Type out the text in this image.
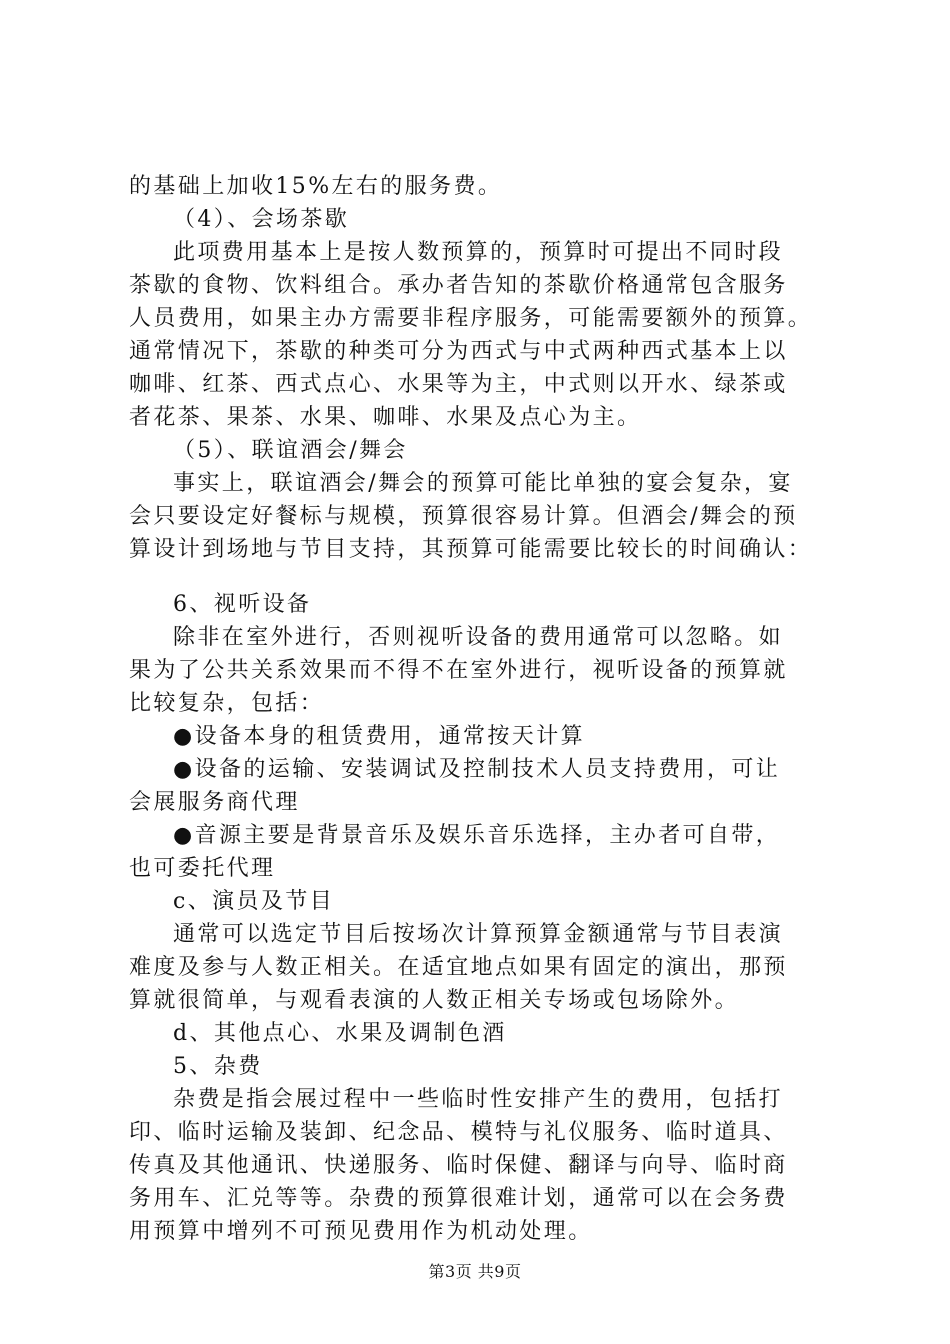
的基础上加收15%左右的服务费。
（4）、会场茶歇
此项费用基本上是按人数预算的，预算时可提出不同时段
茶歇的食物、饮料组合。承办者告知的茶歇价格通常包含服务
人员费用，如果主办方需要非程序服务，可能需要额外的预算。
通常情况下，茶歇的种类可分为西式与中式两种西式基本上以
咖啡、红茶、西式点心、水果等为主，中式则以开水、绿茶或
者花茶、果茶、水果、咖啡、水果及点心为主。
（5）、联谊酒会/舞会
事实上，联谊酒会/舞会的预算可能比单独的宴会复杂，宴
会只要设定好餐标与规模，预算很容易计算。但酒会/舞会的预
算设计到场地与节目支持，其预算可能需要比较长的时间确认：
6、视听设备
除非在室外进行，否则视听设备的费用通常可以忽略。如
果为了公共关系效果而不得不在室外进行，视听设备的预算就
比较复杂，包括：
●设备本身的租赁费用，通常按天计算
●设备的运输、安装调试及控制技术人员支持费用，可让
会展服务商代理
●音源主要是背景音乐及娱乐音乐选择，主办者可自带，
也可委托代理
c、演员及节目
通常可以选定节目后按场次计算预算金额通常与节目表演
难度及参与人数正相关。在适宜地点如果有固定的演出，那预
算就很简单，与观看表演的人数正相关专场或包场除外。
d、其他点心、水果及调制色酒
5、杂费
杂费是指会展过程中一些临时性安排产生的费用，包括打
印、临时运输及装卸、纪念品、模特与礼仪服务、临时道具、
传真及其他通讯、快递服务、临时保健、翻译与向导、临时商
务用车、汇兑等等。杂费的预算很难计划，通常可以在会务费
用预算中增列不可预见费用作为机动处理。
第3页 共9页
